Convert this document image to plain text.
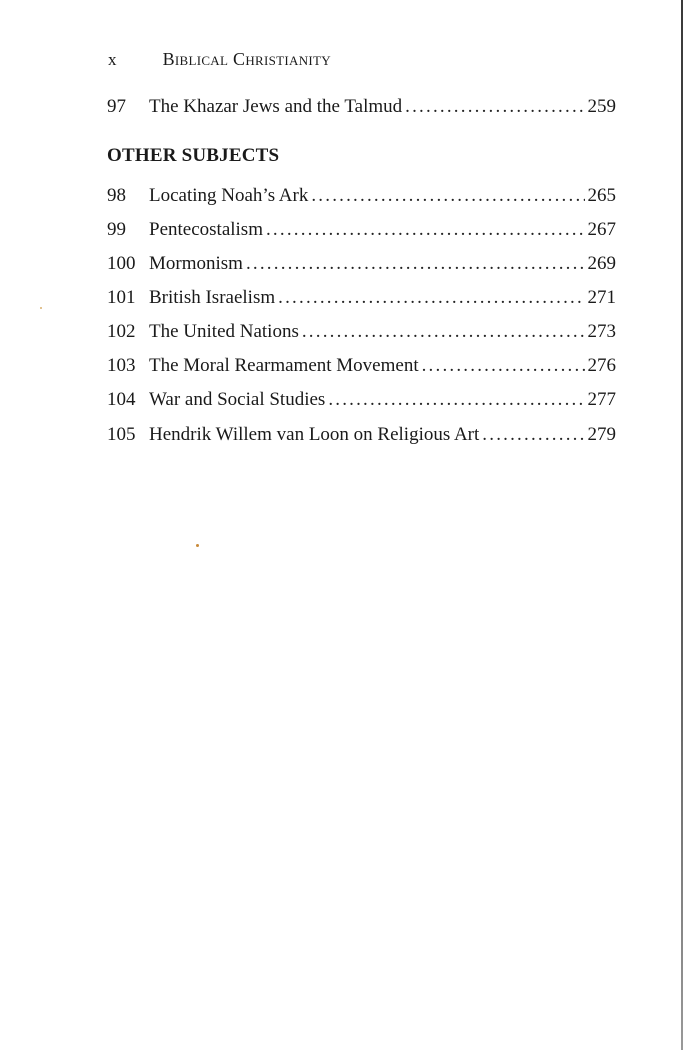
x	Biblical Christianity
97	The Khazar Jews and the Talmud .....	259
OTHER SUBJECTS
98	Locating Noah’s Ark .....	265
99	Pentecostalism .....	267
100 Mormonism .....	269
101 British Israelism .....	271
102 The United Nations .....	273
103 The Moral Rearmament Movement .....	276
104 War and Social Studies .....	277
105 Hendrik Willem van Loon on Religious Art .....	279
